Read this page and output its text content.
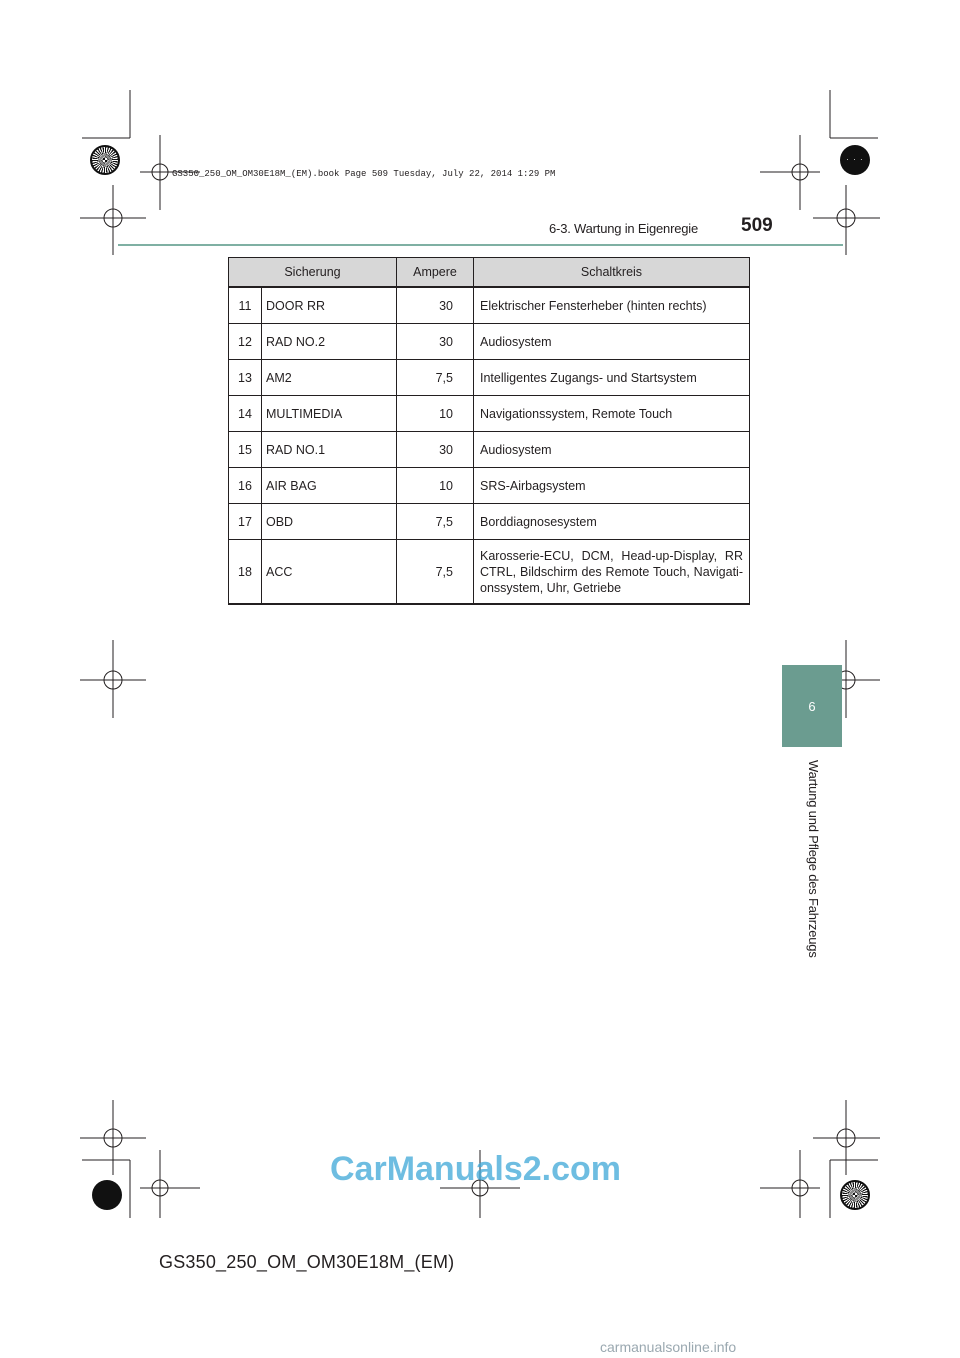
· · ·
GS350_250_OM_OM30E18M_(EM).book Page 509 Tuesday, July 22, 2014 1:29 PM
6-3. Wartung in Eigenregie 509
6
Wartung und Pflege des Fahrzeugs
Sicherung		Ampere	Schaltkreis
11	DOOR RR	30	Elektrischer Fensterheber (hinten rechts)
12	RAD NO.2	30	Audiosystem
13	AM2	7,5	Intelligentes Zugangs- und Startsystem
14	MULTIMEDIA	10	Navigationssystem, Remote Touch
15	RAD NO.1	30	Audiosystem
16	AIR BAG	10	SRS-Airbagsystem
17	OBD	7,5	Borddiagnosesystem
18	ACC	7,5	Karosserie-ECU, DCM, Head-up-Display, RR CTRL, Bildschirm des Remote Touch, Navigati-onssystem, Uhr, Getriebe
CarManuals2.com
GS350_250_OM_OM30E18M_(EM)
carmanualsonline.info
